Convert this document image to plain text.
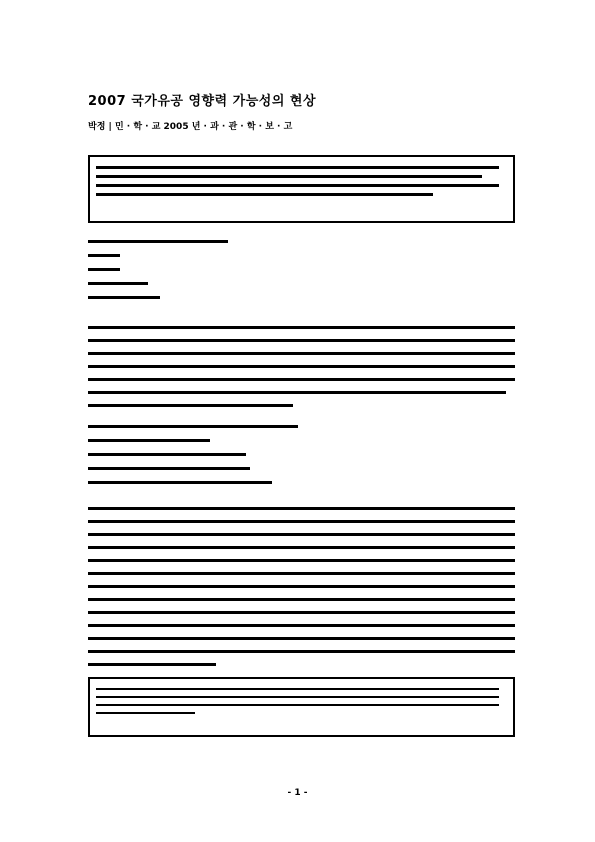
2007 국가유공 영향력 가능성의 현상
박정 | 민 · 학 · 교 2005 년 · 과 · 관 · 학 · 보 · 고
- 1 -
